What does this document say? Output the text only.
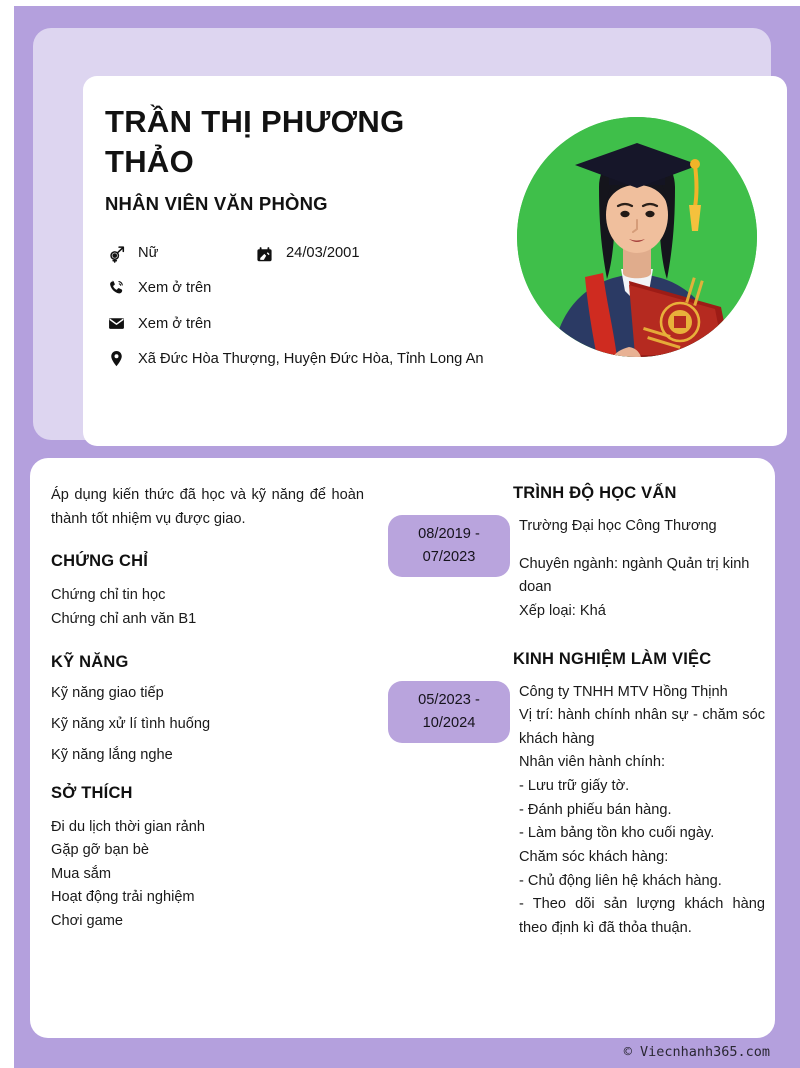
TRẦN THỊ PHƯƠNG THẢO
NHÂN VIÊN VĂN PHÒNG
Nữ	24/03/2001
Xem ở trên
Xem ở trên
Xã Đức Hòa Thượng, Huyện Đức Hòa, Tỉnh Long An

Áp dụng kiến thức đã học và kỹ năng để hoàn thành tốt nhiệm vụ được giao.

CHỨNG CHỈ
Chứng chỉ tin học
Chứng chỉ anh văn B1
KỸ NĂNG
Kỹ năng giao tiếp
Kỹ năng xử lí tình huống
Kỹ năng lắng nghe
SỞ THÍCH
Đi du lịch thời gian rảnh
Gặp gỡ bạn bè
Mua sắm
Hoạt động trải nghiệm
Chơi game
TRÌNH ĐỘ HỌC VẤN
08/2019 - 07/2023

Trường Đại học Công Thương

Chuyên ngành: ngành Quản trị kinh doan

Xếp loại: Khá

KINH NGHIỆM LÀM VIỆC
05/2023 - 10/2024

Công ty TNHH MTV Hồng Thịnh

Vị trí: hành chính nhân sự - chăm sóc khách hàng

Nhân viên hành chính:

- Lưu trữ giấy tờ.

- Đánh phiếu bán hàng.

- Làm bảng tồn kho cuối ngày.

Chăm sóc khách hàng:

- Chủ động liên hệ khách hàng.

- Theo dõi sản lượng khách hàng theo định kì đã thỏa thuận.

© Viecnhanh365.com
